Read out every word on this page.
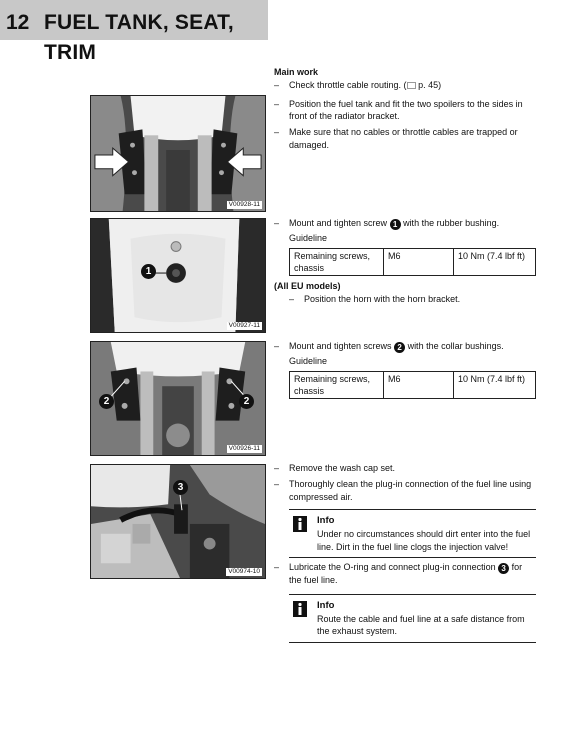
12 FUEL TANK, SEAT, TRIM
V00928-11
1
V00927-11
2	2
V00926-11
3
V00974-10
Main work
– Check throttle cable routing. ( p. 45)
– Position the fuel tank and fit the two spoilers to the sides in front of the radiator bracket.
– Make sure that no cables or throttle cables are trapped or damaged.
– Mount and tighten screw 1 with the rubber bushing.
Guideline
Remaining screws, chassis	M6	10 Nm (7.4 lbf ft)
(All EU models)
– Position the horn with the horn bracket.
– Mount and tighten screws 2 with the collar bushings.
Guideline
Remaining screws, chassis	M6	10 Nm (7.4 lbf ft)
– Remove the wash cap set.
– Thoroughly clean the plug-in connection of the fuel line using compressed air.
Info
Under no circumstances should dirt enter into the fuel line. Dirt in the fuel line clogs the injection valve!
– Lubricate the O-ring and connect plug-in connection 3 for the fuel line.
Info
Route the cable and fuel line at a safe distance from the exhaust system.
